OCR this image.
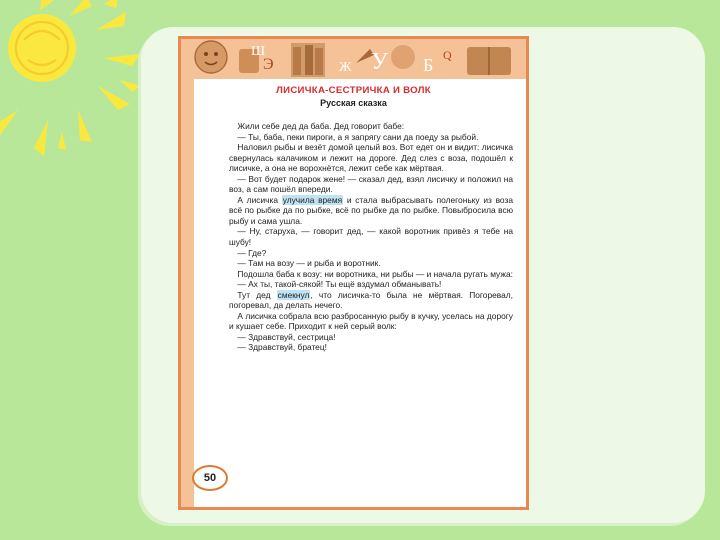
Ш
Э	Ж У Б Q
ЛИСИЧКА-СЕСТРИЧКА И ВОЛК
Русская сказка

Жили себе дед да баба. Дед говорит бабе:

— Ты, баба, пеки пироги, а я запрягу сани да поеду за рыбой.

Наловил рыбы и везёт домой целый воз. Вот едет он и видит: лисичка свернулась калачиком и лежит на дороге. Дед слез с воза, подошёл к лисичке, а она не ворохнётся, лежит себе как мёртвая.

— Вот будет подарок жене! — сказал дед, взял лисичку и положил на воз, а сам пошёл впереди.

А лисичка улучила время и стала выбрасывать полегоньку из воза всё по рыбке да по рыбке, всё по рыбке да по рыбке. Повыбросила всю рыбу и сама ушла.

— Ну, старуха, — говорит дед, — какой воротник привёз я тебе на шубу!

— Где?

— Там на возу — и рыба и воротник.

Подошла баба к возу: ни воротника, ни рыбы — и начала ругать мужа:

— Ах ты, такой-сякой! Ты ещё вздумал обманывать!

Тут дед смекнул, что лисичка-то была не мёртвая. Погоревал, погоревал, да делать нечего.

А лисичка собрала всю разбросанную рыбу в кучку, уселась на дорогу и кушает себе. Приходит к ней серый волк:

— Здравствуй, сестрица!

— Здравствуй, братец!

50
